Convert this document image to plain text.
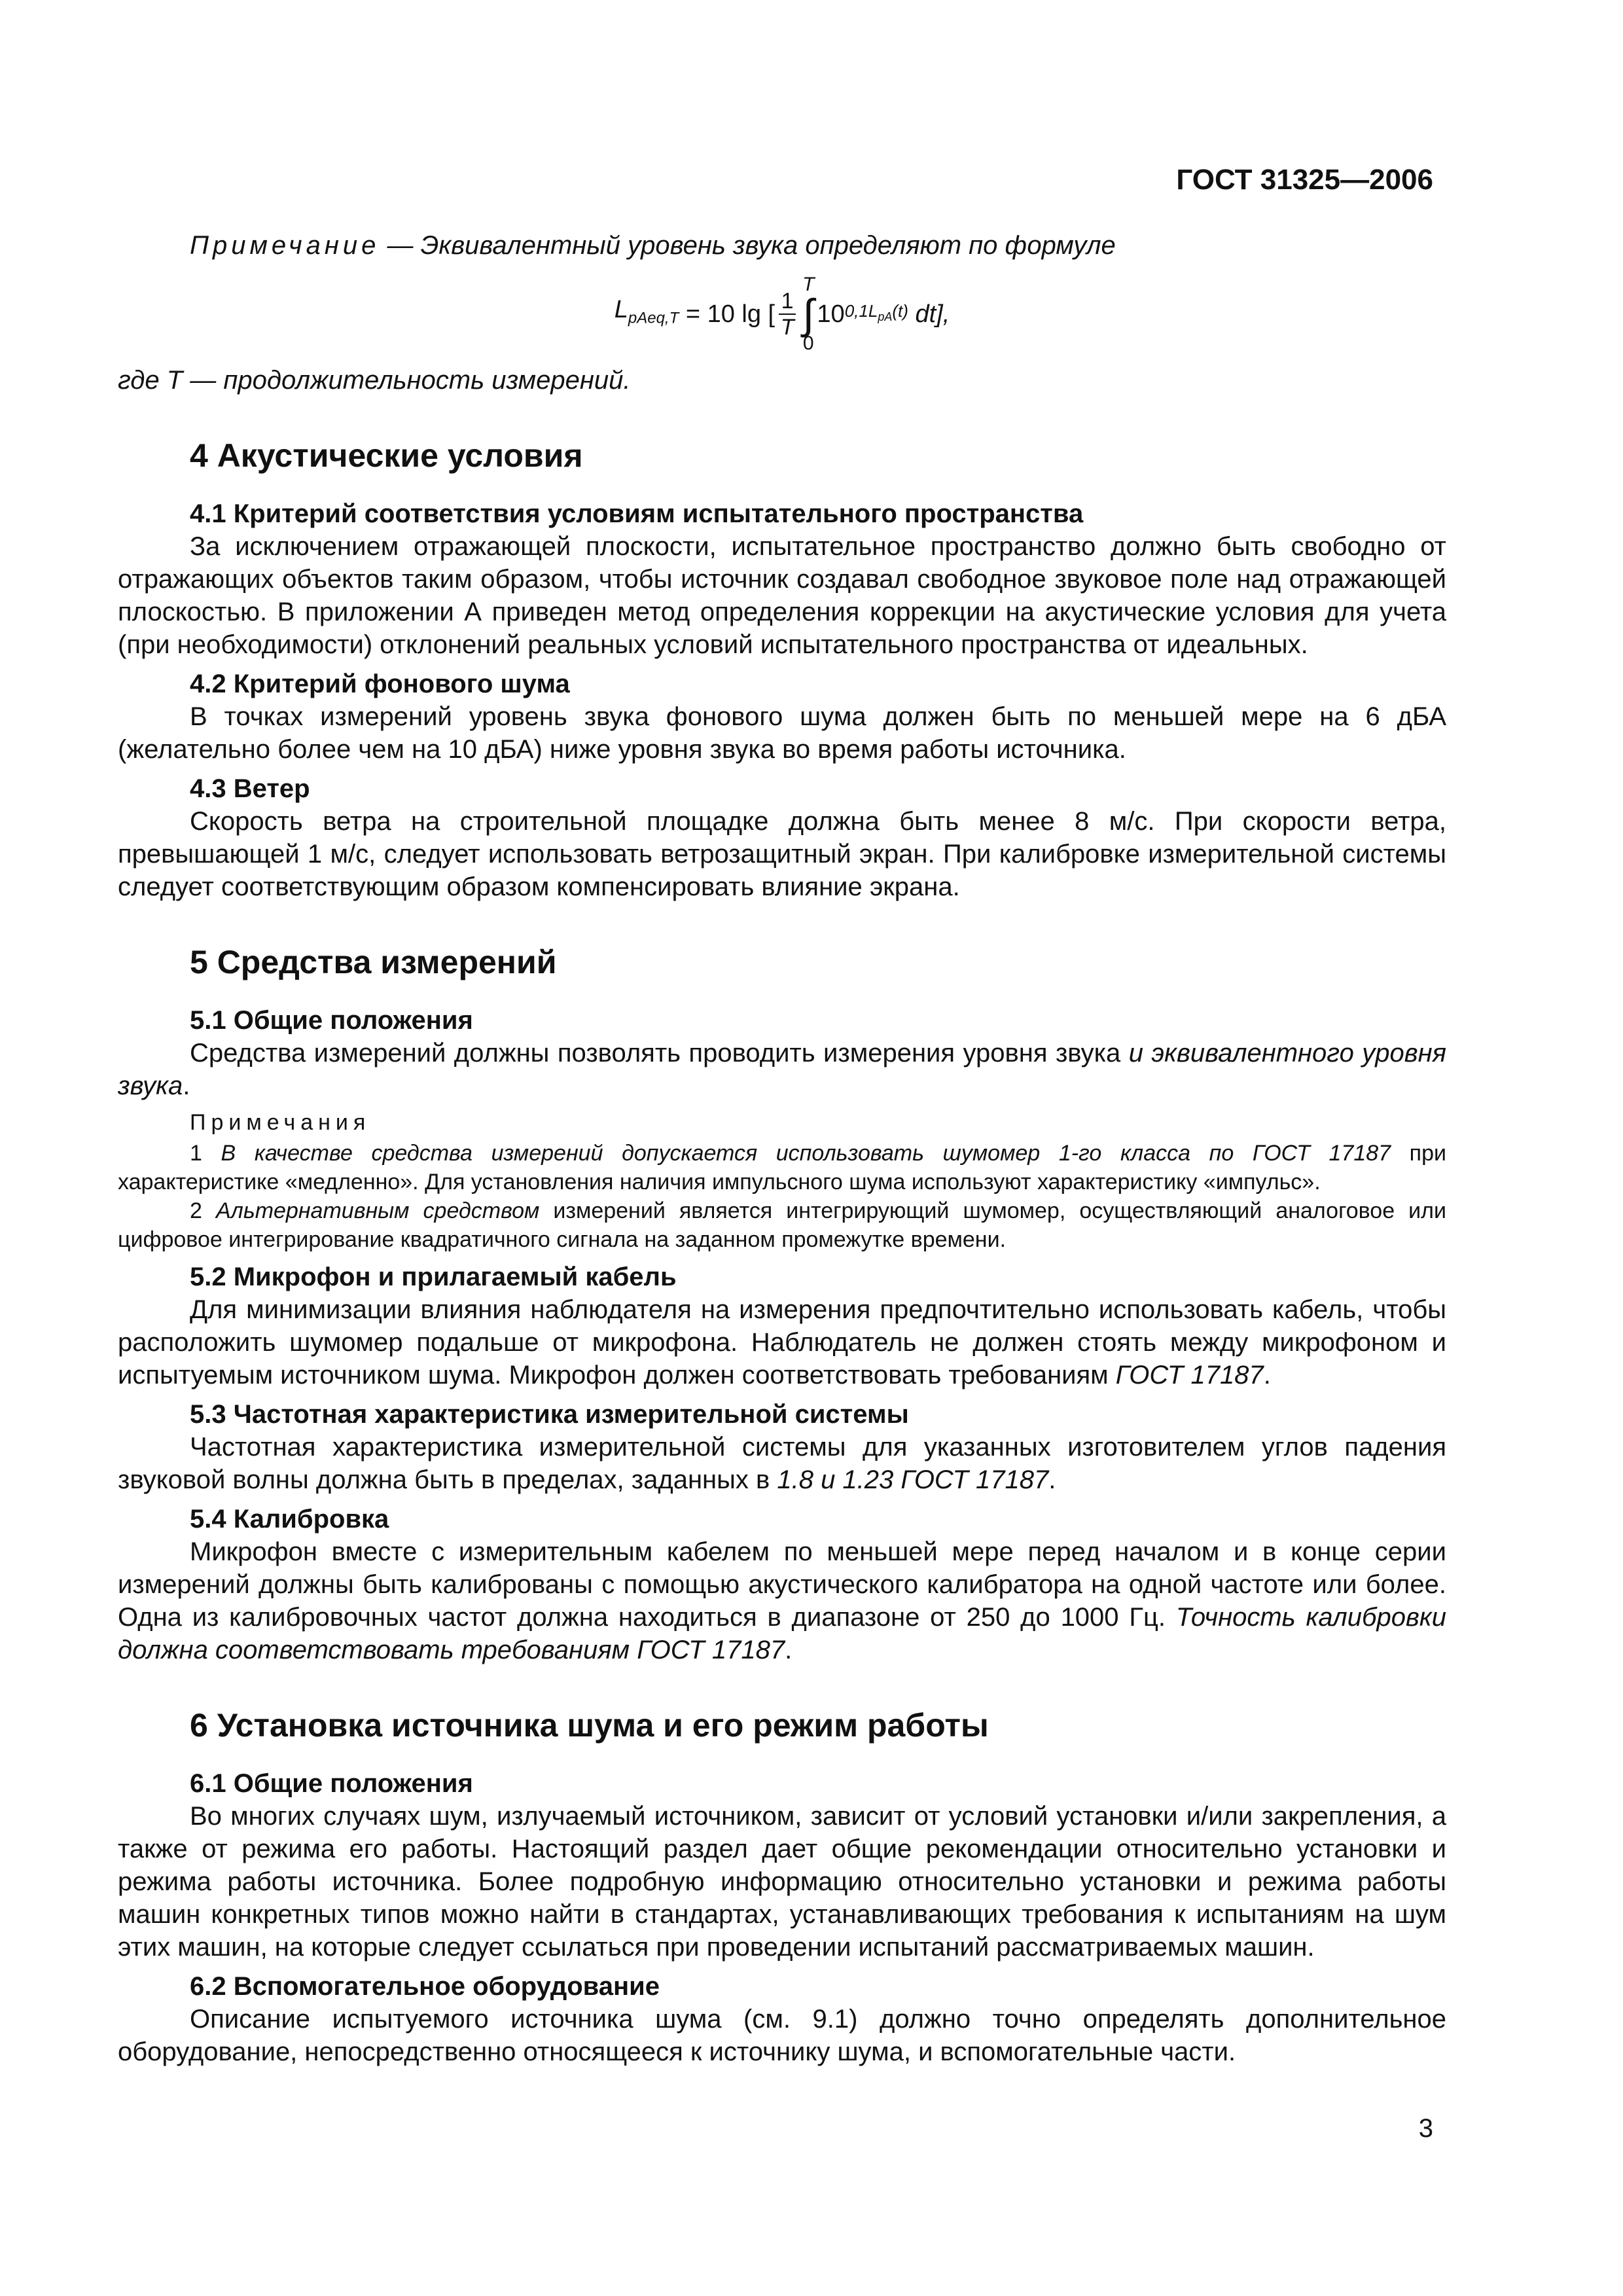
ГОСТ 31325—2006
Примечание — Эквивалентный уровень звука определяют по формуле
$L_{pAeq,T}$
= 10 lg [ $\frac{1}{T}$
T
∫
0
10 $0,1L_{pA}(t)$
dt],
где T — продолжительность измерений.
4 Акустические условия
4.1 Критерий соответствия условиям испытательного пространства

За исключением отражающей плоскости, испытательное пространство должно быть свободно от отражающих объектов таким образом, чтобы источник создавал свободное звуковое поле над отражающей плоскостью. В приложении А приведен метод определения коррекции на акустические условия для учета (при необходимости) отклонений реальных условий испытательного пространства от идеальных.

4.2 Критерий фонового шума

В точках измерений уровень звука фонового шума должен быть по меньшей мере на 6 дБА (желательно более чем на 10 дБА) ниже уровня звука во время работы источника.

4.3 Ветер

Скорость ветра на строительной площадке должна быть менее 8 м/с. При скорости ветра, превышающей 1 м/с, следует использовать ветрозащитный экран. При калибровке измерительной системы следует соответствующим образом компенсировать влияние экрана.

5 Средства измерений
5.1 Общие положения

Средства измерений должны позволять проводить измерения уровня звука и эквивалентного уровня звука.

Примечания

1 В качестве средства измерений допускается использовать шумомер 1-го класса по ГОСТ 17187 при характеристике «медленно». Для установления наличия импульсного шума используют характеристику «импульс».

2 Альтернативным средством измерений является интегрирующий шумомер, осуществляющий аналоговое или цифровое интегрирование квадратичного сигнала на заданном промежутке времени.

5.2 Микрофон и прилагаемый кабель

Для минимизации влияния наблюдателя на измерения предпочтительно использовать кабель, чтобы расположить шумомер подальше от микрофона. Наблюдатель не должен стоять между микрофоном и испытуемым источником шума. Микрофон должен соответствовать требованиям ГОСТ 17187.

5.3 Частотная характеристика измерительной системы

Частотная характеристика измерительной системы для указанных изготовителем углов падения звуковой волны должна быть в пределах, заданных в 1.8 и 1.23 ГОСТ 17187.

5.4 Калибровка

Микрофон вместе с измерительным кабелем по меньшей мере перед началом и в конце серии измерений должны быть калиброваны с помощью акустического калибратора на одной частоте или более. Одна из калибровочных частот должна находиться в диапазоне от 250 до 1000 Гц. Точность калибровки должна соответствовать требованиям ГОСТ 17187.

6 Установка источника шума и его режим работы
6.1 Общие положения

Во многих случаях шум, излучаемый источником, зависит от условий установки и/или закрепления, а также от режима его работы. Настоящий раздел дает общие рекомендации относительно установки и режима работы источника. Более подробную информацию относительно установки и режима работы машин конкретных типов можно найти в стандартах, устанавливающих требования к испытаниям на шум этих машин, на которые следует ссылаться при проведении испытаний рассматриваемых машин.

6.2 Вспомогательное оборудование

Описание испытуемого источника шума (см. 9.1) должно точно определять дополнительное оборудование, непосредственно относящееся к источнику шума, и вспомогательные части.

3
